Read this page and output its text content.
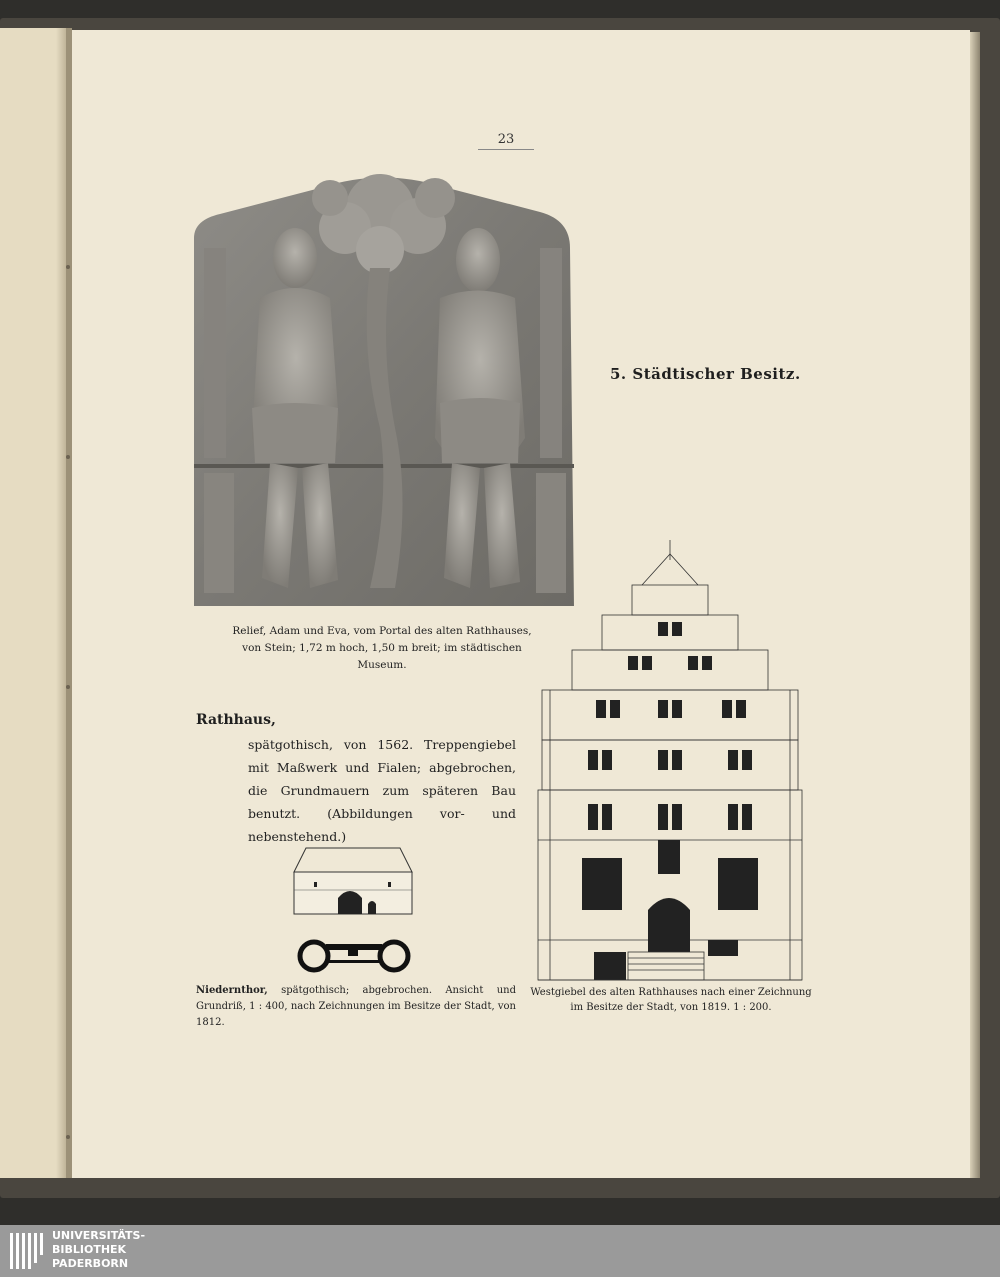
23
Relief, Adam und Eva, vom Portal des alten Rathhauses, von Stein; 1,72 m hoch, 1,50 m breit; im städtischen Museum.
5. Städtischer Besitz.
Rathhaus,
spätgothisch, von 1562. Treppengiebel mit Maßwerk und Fialen; abgebrochen, die Grundmauern zum späteren Bau benutzt. (Abbildungen vor- und nebenstehend.)
Niedernthor, spätgothisch; abgebrochen. Ansicht und Grundriß, 1 : 400, nach Zeichnungen im Besitze der Stadt, von 1812.
Westgiebel des alten Rathhauses nach einer Zeichnung im Besitze der Stadt, von 1819. 1 : 200.
UNIVERSITÄTS-
BIBLIOTHEK
PADERBORN
